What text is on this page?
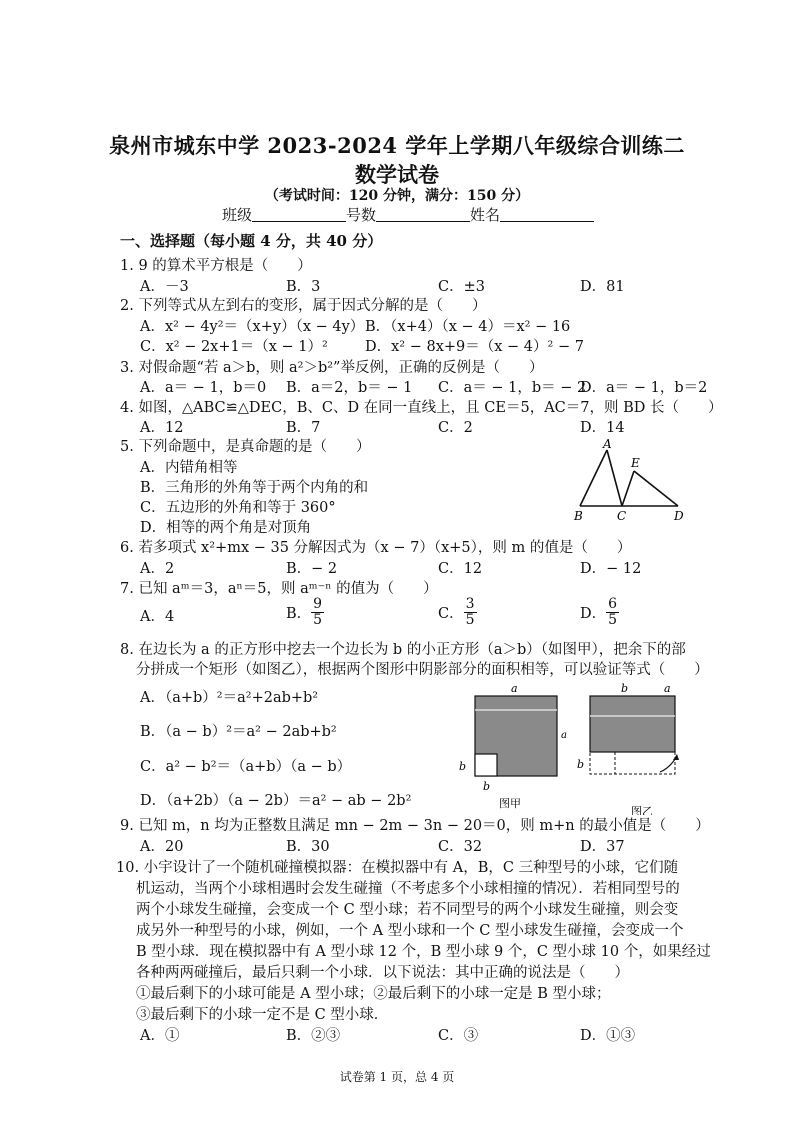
泉州市城东中学 2023-2024 学年上学期八年级综合训练二
数学试卷
（考试时间：120 分钟，满分：150 分）
班级	号数	姓名
一、选择题（每小题 4 分，共 40 分）
1. 9 的算术平方根是（　　）
A．－3	B．3	C．±3	D．81
2. 下列等式从左到右的变形，属于因式分解的是（　　）
A．x² − 4y²＝（x+y）（x − 4y） B．（x+4）（x − 4）＝x² − 16
C．x² − 2x+1＝（x − 1）²	D．x² − 8x+9＝（x − 4）² − 7
3. 对假命题“若 a＞b，则 a²＞b²”举反例，正确的反例是（　　）
A．a＝ − 1，b＝0 B．a＝2，b＝ − 1 C．a＝ − 1，b＝ − 2
D．a＝ − 1，b＝2
4. 如图，△ABC≌△DEC，B、C、D 在同一直线上，且 CE＝5，AC＝7，则 BD 长（　　）
A．12	B．7	C．2	D．14
A
E
B	C	D
5. 下列命题中，是真命题的是（　　）
A．内错角相等
B．三角形的外角等于两个内角的和
C．五边形的外角和等于 360°
D．相等的两个角是对顶角
6. 若多项式 x²+mx − 35 分解因式为（x − 7）（x+5），则 m 的值是（　　）
A．2	B．− 2	C．12	D．− 12
7. 已知 aᵐ＝3，aⁿ＝5，则 aᵐ⁻ⁿ 的值为（　　）
A．4	B． $\frac{9}{5}$	C． $\frac{3}{5}$	D． $\frac{6}{5}$
8. 在边长为 a 的正方形中挖去一个边长为 b 的小正方形（a＞b）（如图甲），把余下的部
分拼成一个矩形（如图乙），根据两个图形中阴影部分的面积相等，可以验证等式（　　）
A．（a+b）²＝a²+2ab+b²
B．（a − b）²＝a² − 2ab+b²
C．a² − b²＝（a+b）（a − b）
D．（a+2b）（a − 2b）＝a² − ab − 2b²
a
b
b
a
图甲
b	a
b
图乙
9. 已知 m，n 均为正整数且满足 mn − 2m − 3n − 20＝0，则 m+n 的最小值是（　　）
A．20	B．30	C．32	D．37
10. 小宇设计了一个随机碰撞模拟器：在模拟器中有 A，B，C 三种型号的小球，它们随
机运动，当两个小球相遇时会发生碰撞（不考虑多个小球相撞的情况）．若相同型号的
两个小球发生碰撞，会变成一个 C 型小球；若不同型号的两个小球发生碰撞，则会变
成另外一种型号的小球，例如，一个 A 型小球和一个 C 型小球发生碰撞，会变成一个
B 型小球．现在模拟器中有 A 型小球 12 个，B 型小球 9 个，C 型小球 10 个，如果经过
各种两两碰撞后，最后只剩一个小球．以下说法：其中正确的说法是（　　）
①最后剩下的小球可能是 A 型小球；②最后剩下的小球一定是 B 型小球；
③最后剩下的小球一定不是 C 型小球．
A．①	B．②③	C．③	D．①③
试卷第 1 页，总 4 页
